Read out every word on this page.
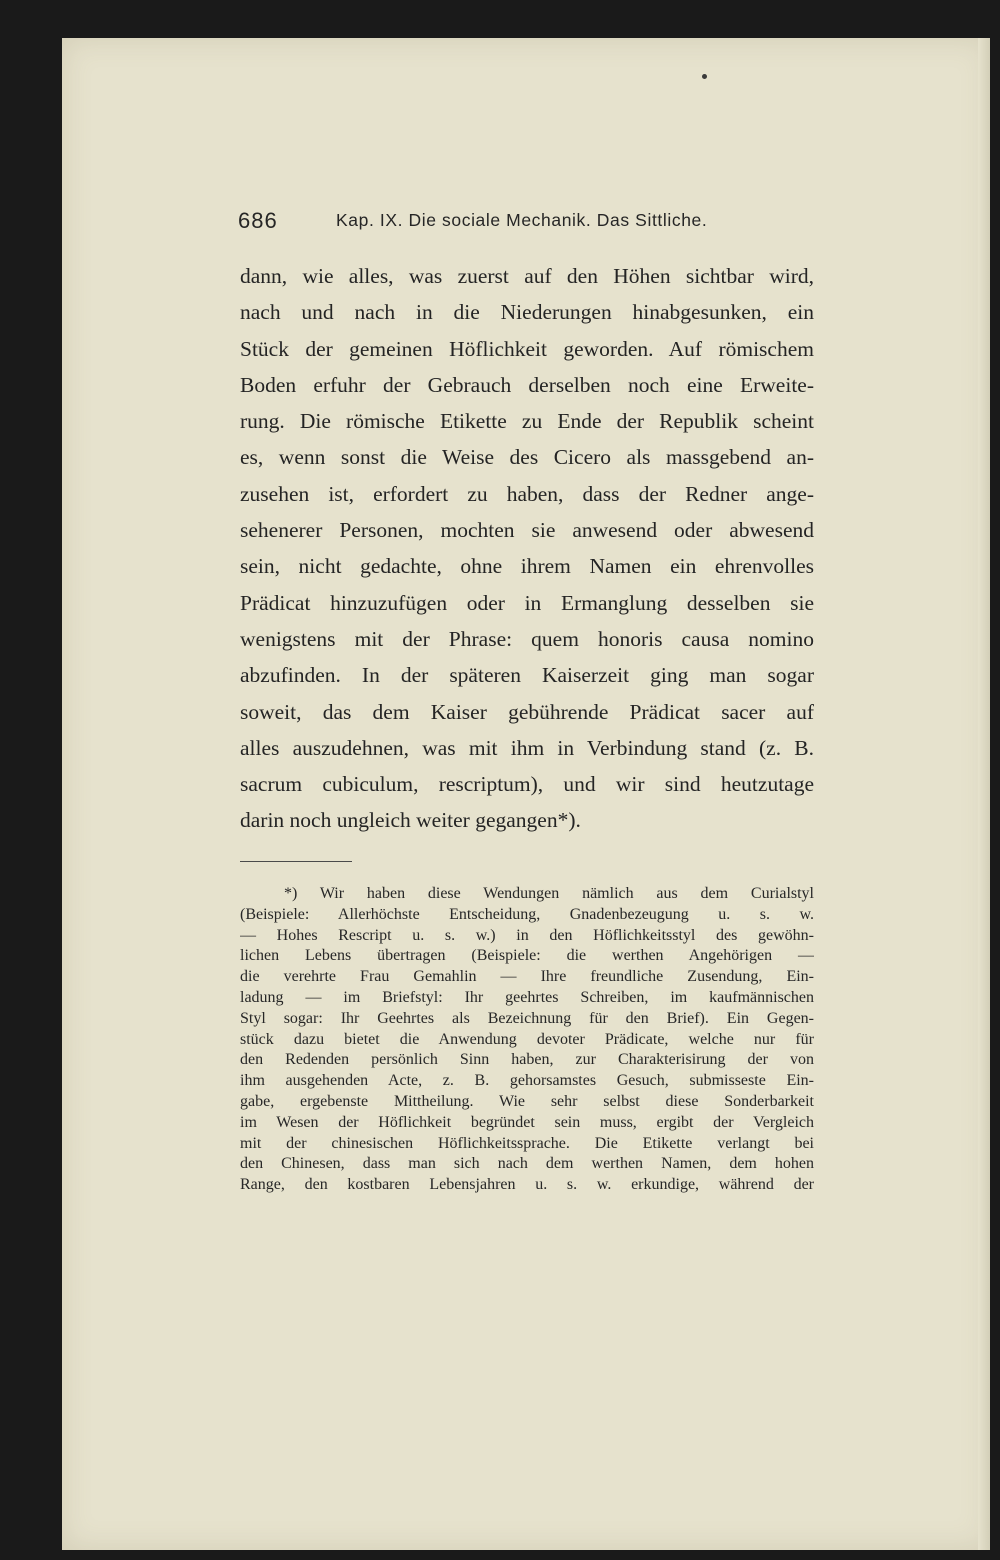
686	Kap. IX. Die sociale Mechanik. Das Sittliche.
dann, wie alles, was zuerst auf den Höhen sichtbar wird,
nach und nach in die Niederungen hinabgesunken, ein
Stück der gemeinen Höflichkeit geworden. Auf römischem
Boden erfuhr der Gebrauch derselben noch eine Erweite-
rung. Die römische Etikette zu Ende der Republik scheint
es, wenn sonst die Weise des Cicero als massgebend an-
zusehen ist, erfordert zu haben, dass der Redner ange-
sehenerer Personen, mochten sie anwesend oder abwesend
sein, nicht gedachte, ohne ihrem Namen ein ehrenvolles
Prädicat hinzuzufügen oder in Ermanglung desselben sie
wenigstens mit der Phrase: quem honoris causa nomino
abzufinden. In der späteren Kaiserzeit ging man sogar
soweit, das dem Kaiser gebührende Prädicat sacer auf
alles auszudehnen, was mit ihm in Verbindung stand (z. B.
sacrum cubiculum, rescriptum), und wir sind heutzutage
darin noch ungleich weiter gegangen*).
*) Wir haben diese Wendungen nämlich aus dem Curialstyl
(Beispiele: Allerhöchste Entscheidung, Gnadenbezeugung u. s. w.
— Hohes Rescript u. s. w.) in den Höflichkeitsstyl des gewöhn-
lichen Lebens übertragen (Beispiele: die werthen Angehörigen —
die verehrte Frau Gemahlin — Ihre freundliche Zusendung, Ein-
ladung — im Briefstyl: Ihr geehrtes Schreiben, im kaufmännischen
Styl sogar: Ihr Geehrtes als Bezeichnung für den Brief). Ein Gegen-
stück dazu bietet die Anwendung devoter Prädicate, welche nur für
den Redenden persönlich Sinn haben, zur Charakterisirung der von
ihm ausgehenden Acte, z. B. gehorsamstes Gesuch, submisseste Ein-
gabe, ergebenste Mittheilung. Wie sehr selbst diese Sonderbarkeit
im Wesen der Höflichkeit begründet sein muss, ergibt der Vergleich
mit der chinesischen Höflichkeitssprache. Die Etikette verlangt bei
den Chinesen, dass man sich nach dem werthen Namen, dem hohen
Range, den kostbaren Lebensjahren u. s. w. erkundige, während der
